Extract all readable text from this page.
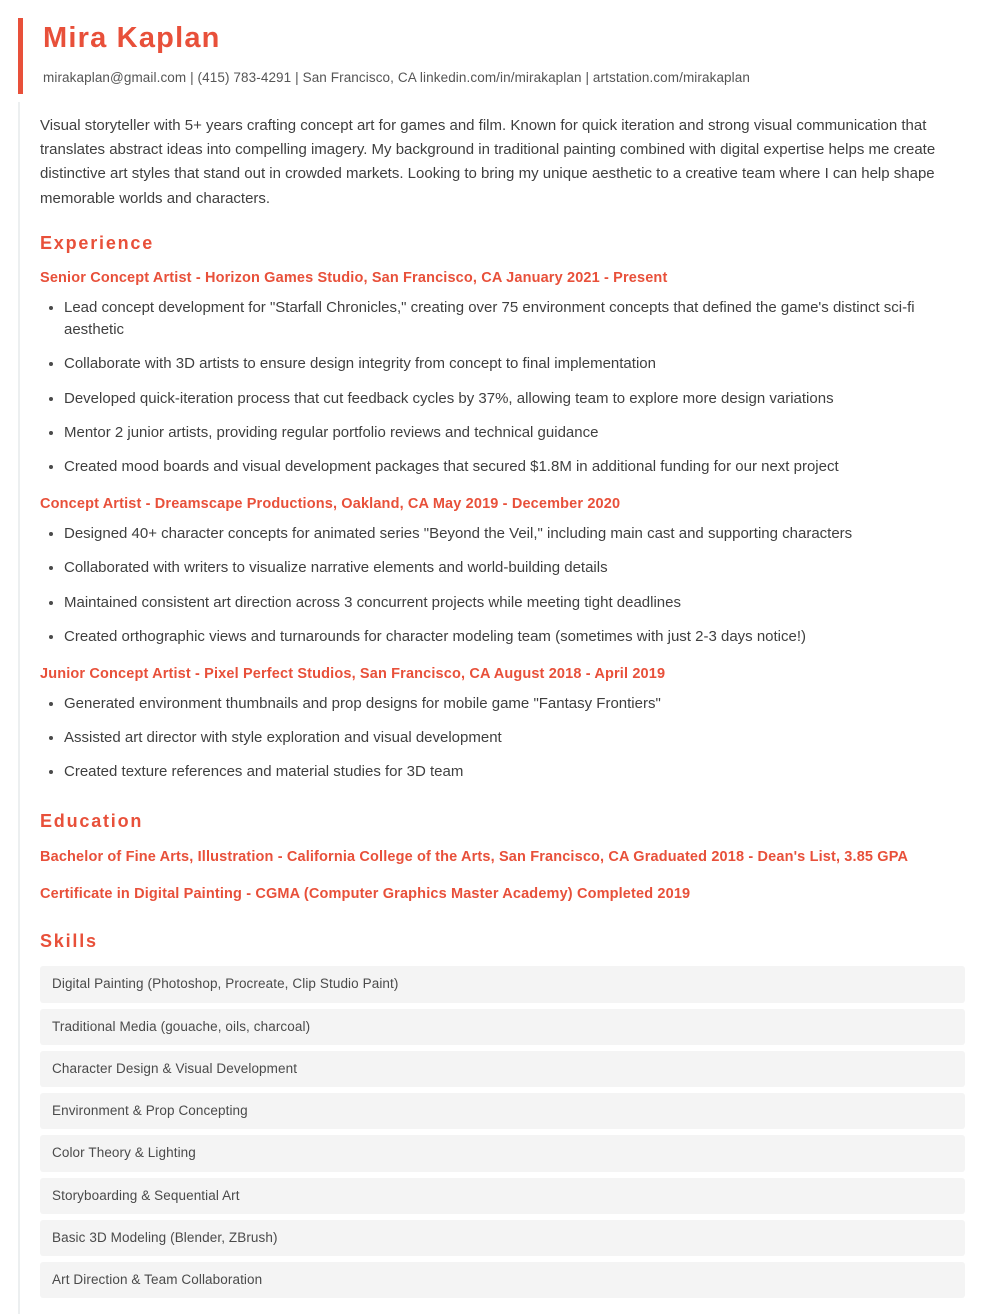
Mira Kaplan
mirakaplan@gmail.com | (415) 783-4291 | San Francisco, CA linkedin.com/in/mirakaplan | artstation.com/mirakaplan

Visual storyteller with 5+ years crafting concept art for games and film. Known for quick iteration and strong visual communication that translates abstract ideas into compelling imagery. My background in traditional painting combined with digital expertise helps me create distinctive art styles that stand out in crowded markets. Looking to bring my unique aesthetic to a creative team where I can help shape memorable worlds and characters.

Experience
Senior Concept Artist - Horizon Games Studio, San Francisco, CA January 2021 - Present
Lead concept development for "Starfall Chronicles," creating over 75 environment concepts that defined the game's distinct sci-fi aesthetic
Collaborate with 3D artists to ensure design integrity from concept to final implementation
Developed quick-iteration process that cut feedback cycles by 37%, allowing team to explore more design variations
Mentor 2 junior artists, providing regular portfolio reviews and technical guidance
Created mood boards and visual development packages that secured $1.8M in additional funding for our next project
Concept Artist - Dreamscape Productions, Oakland, CA May 2019 - December 2020
Designed 40+ character concepts for animated series "Beyond the Veil," including main cast and supporting characters
Collaborated with writers to visualize narrative elements and world-building details
Maintained consistent art direction across 3 concurrent projects while meeting tight deadlines
Created orthographic views and turnarounds for character modeling team (sometimes with just 2-3 days notice!)
Junior Concept Artist - Pixel Perfect Studios, San Francisco, CA August 2018 - April 2019
Generated environment thumbnails and prop designs for mobile game "Fantasy Frontiers"
Assisted art director with style exploration and visual development
Created texture references and material studies for 3D team
Education
Bachelor of Fine Arts, Illustration - California College of the Arts, San Francisco, CA Graduated 2018 - Dean's List, 3.85 GPA
Certificate in Digital Painting - CGMA (Computer Graphics Master Academy) Completed 2019
Skills
Digital Painting (Photoshop, Procreate, Clip Studio Paint)
Traditional Media (gouache, oils, charcoal)
Character Design & Visual Development
Environment & Prop Concepting
Color Theory & Lighting
Storyboarding & Sequential Art
Basic 3D Modeling (Blender, ZBrush)
Art Direction & Team Collaboration
